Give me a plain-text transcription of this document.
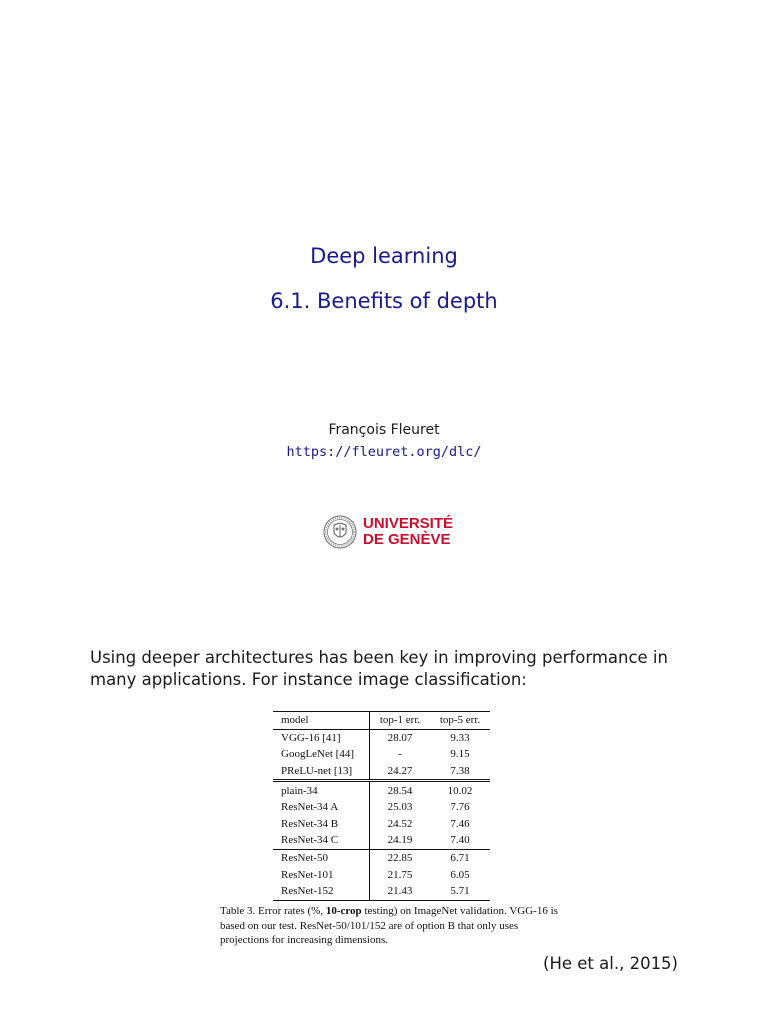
Deep learning
6.1. Benefits of depth
François Fleuret
https://fleuret.org/dlc/
UNIVERSITÉ
DE GENÈVE
Using deeper architectures has been key in improving performance in many applications. For instance image classification:
model	top-1 err.	top-5 err.
VGG-16 [41]	28.07	9.33
GoogLeNet [44]	-	9.15
PReLU-net [13]	24.27	7.38
plain-34	28.54	10.02
ResNet-34 A	25.03	7.76
ResNet-34 B	24.52	7.46
ResNet-34 C	24.19	7.40
ResNet-50	22.85	6.71
ResNet-101	21.75	6.05
ResNet-152	21.43	5.71
Table 3. Error rates (%, 10-crop testing) on ImageNet validation. VGG-16 is based on our test. ResNet-50/101/152 are of option B that only uses projections for increasing dimensions.
(He et al., 2015)
